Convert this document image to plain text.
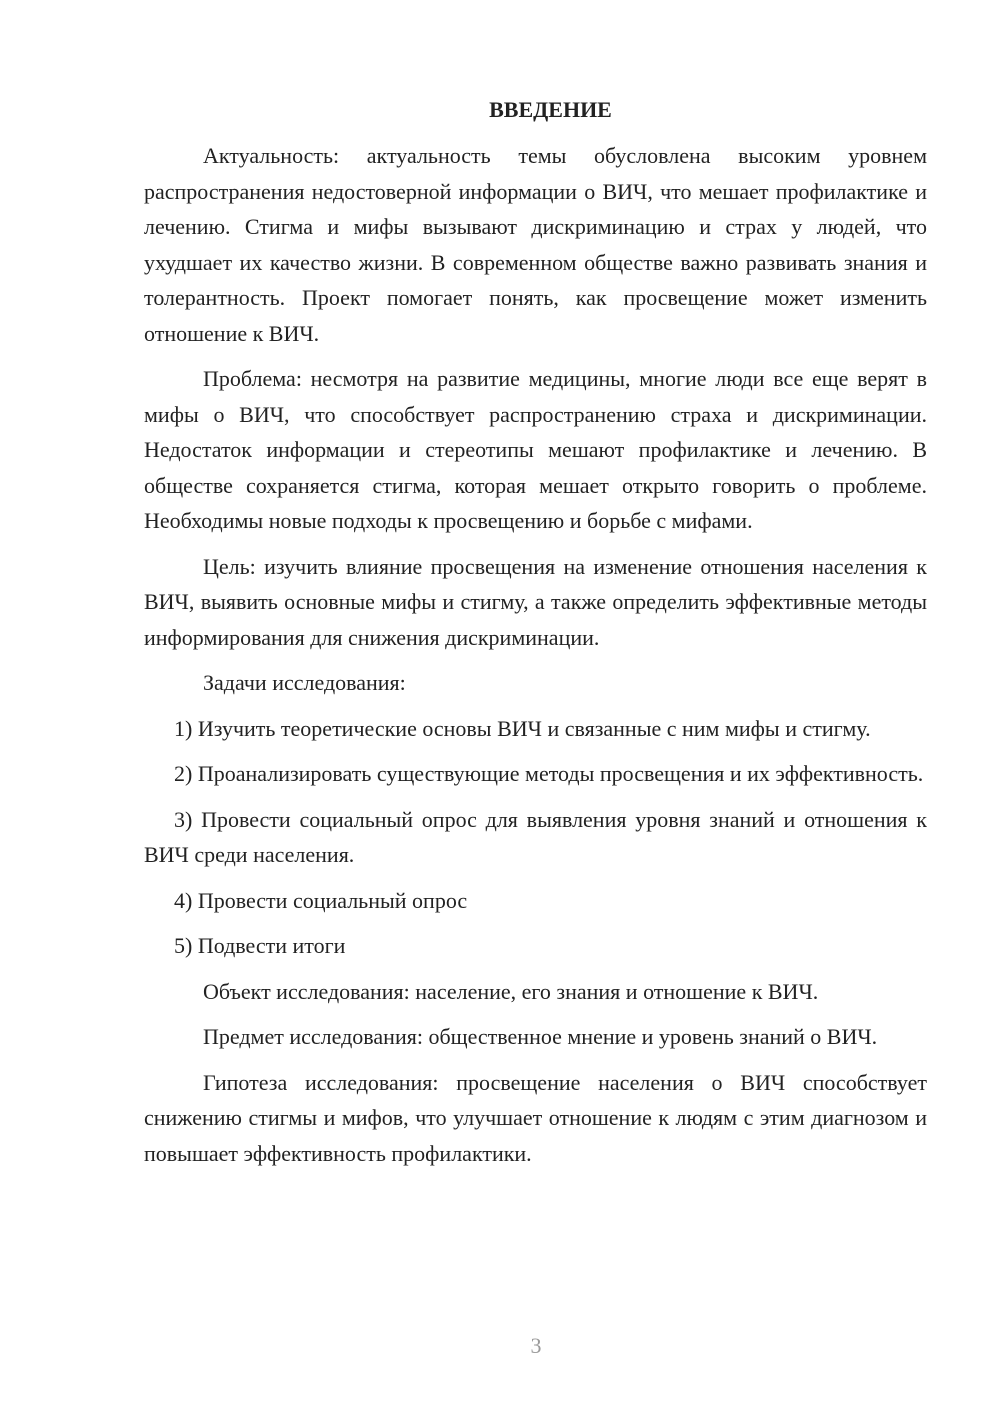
ВВЕДЕНИЕ

Актуальность: актуальность темы обусловлена высоким уровнем распространения недостоверной информации о ВИЧ, что мешает профилактике и лечению. Стигма и мифы вызывают дискриминацию и страх у людей, что ухудшает их качество жизни. В современном обществе важно развивать знания и толерантность. Проект помогает понять, как просвещение может изменить отношение к ВИЧ.

Проблема: несмотря на развитие медицины, многие люди все еще верят в мифы о ВИЧ, что способствует распространению страха и дискриминации. Недостаток информации и стереотипы мешают профилактике и лечению. В обществе сохраняется стигма, которая мешает открыто говорить о проблеме. Необходимы новые подходы к просвещению и борьбе с мифами.

Цель: изучить влияние просвещения на изменение отношения населения к ВИЧ, выявить основные мифы и стигму, а также определить эффективные методы информирования для снижения дискриминации.

Задачи исследования:

1) Изучить теоретические основы ВИЧ и связанные с ним мифы и стигму.

2) Проанализировать существующие методы просвещения и их эффективность.

3) Провести социальный опрос для выявления уровня знаний и отношения к ВИЧ среди населения.

4) Провести социальный опрос

5) Подвести итоги

Объект исследования: население, его знания и отношение к ВИЧ.

Предмет исследования: общественное мнение и уровень знаний о ВИЧ.

Гипотеза исследования: просвещение населения о ВИЧ способствует снижению стигмы и мифов, что улучшает отношение к людям с этим диагнозом и повышает эффективность профилактики.

3
